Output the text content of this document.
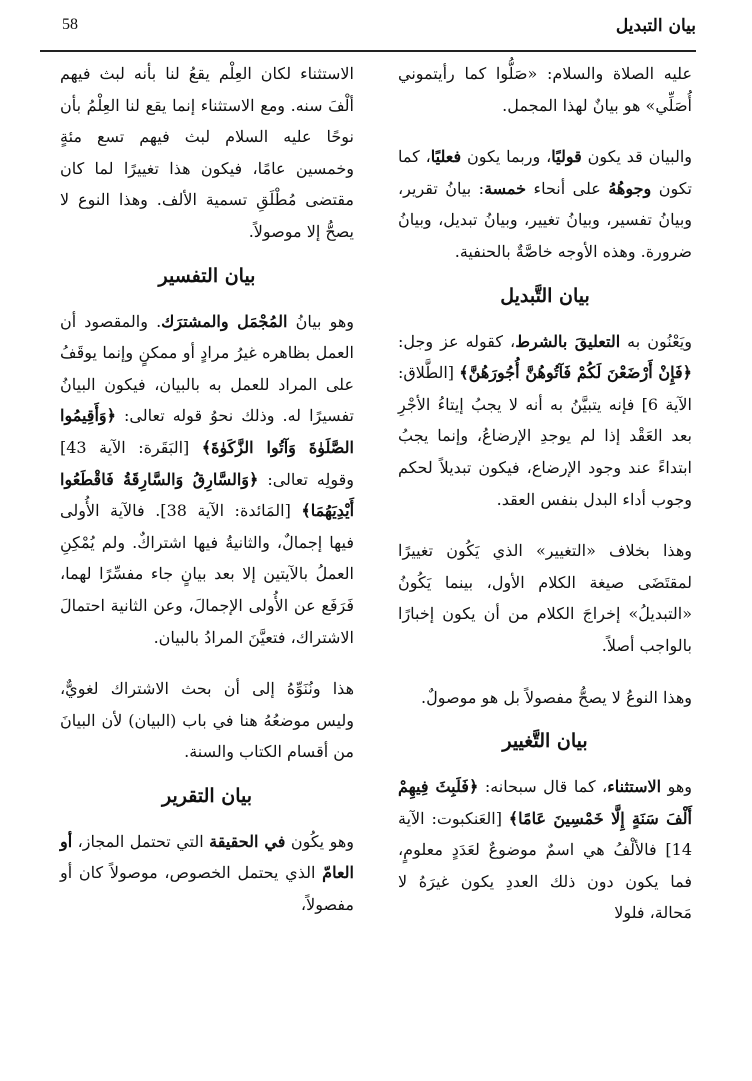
58	بيان التبديل

عليه الصلاة والسلام: «صَلُّوا كما رأيتموني أُصَلِّي» هو بيانٌ لهذا المجمل.

والبيان قد يكون قوليًا، وربما يكون فعليًا، كما تكون وجوهُهُ على أنحاء خمسة: بيانُ تقرير، وبيانُ تفسير، وبيانُ تغيير، وبيانُ تبديل، وبيانُ ضرورة. وهذه الأوجه خاصَّةٌ بالحنفية.

بيان التَّبديل

ويَعْنُون به التعليقَ بالشرط، كقوله عز وجل: ﴿فَإِنْ أَرْضَعْنَ لَكُمْ فَآتُوهُنَّ أُجُورَهُنَّ﴾ [الطَّلاق: الآية 6] فإنه يتبيَّنُ به أنه لا يجبُ إيتاءُ الأجْرِ بعد العَقْد إذا لم يوجدِ الإرضاعُ، وإنما يجبُ ابتداءً عند وجود الإرضاع، فيكون تبديلاً لحكم وجوب أداء البدل بنفس العقد.

وهذا بخلاف «التغيير» الذي يَكُون تغييرًا لمقتَضَى صيغة الكلام الأول، بينما يَكُونُ «التبديلُ» إخراجَ الكلام من أن يكون إخبارًا بالواجب أصلاً.

وهذا النوعُ لا يصحُّ مفصولاً بل هو موصولٌ.

بيان التَّغيير

وهو الاستثناء، كما قال سبحانه: ﴿فَلَبِثَ فِيهِمْ أَلْفَ سَنَةٍ إِلَّا خَمْسِينَ عَامًا﴾ [العَنكبوت: الآية 14] فالألْفُ هي اسمٌ موضوعٌ لعَدَدٍ معلومٍ، فما يكون دون ذلك العددِ يكون غيرَهُ لا مَحالة، فلولا

الاستثناء لكان العِلْم يقعُ لنا بأنه لبث فيهم ألْفَ سنه. ومع الاستثناء إنما يقع لنا العِلْمُ بأن نوحًا عليه السلام لبث فيهم تسع مئةٍ وخمسين عامًا، فيكون هذا تغييرًا لما كان مقتضى مُطْلَقِ تسمية الألف. وهذا النوع لا يصحُّ إلا موصولاً.

بيان التفسير

وهو بيانُ المُجْمَل والمشترَك. والمقصود أن العمل بظاهره غيرُ مرادٍ أو ممكنٍ وإنما يوقَفُ على المراد للعمل به بالبيان، فيكون البيانُ تفسيرًا له. وذلك نحوُ قوله تعالى: ﴿وَأَقِيمُوا الصَّلَوٰةَ وَآتُوا الزَّكَوٰةَ﴾ [البَقَرة: الآية 43] وقولِه تعالى: ﴿وَالسَّارِقُ وَالسَّارِقَةُ فَاقْطَعُوا أَيْدِيَهُمَا﴾ [المَائدة: الآية 38]. فالآية الأُولى فيها إجمالٌ، والثانيةُ فيها اشتراكٌ. ولم يُمْكِنِ العملُ بالآيتين إلا بعد بيانٍ جاء مفسِّرًا لهما، فَرَفَع عن الأُولى الإجمالَ، وعن الثانية احتمالَ الاشتراك، فتعيَّنَ المرادُ بالبيان.

هذا ونُنَوِّهُ إلى أن بحث الاشتراك لغويٌّ، وليس موضعُهُ هنا في باب (البيان) لأن البيانَ من أقسام الكتاب والسنة.

بيان التقرير

وهو يكُون في الحقيقة التي تحتمل المجاز، أو العامّ الذي يحتمل الخصوص، موصولاً كان أو مفصولاً،
